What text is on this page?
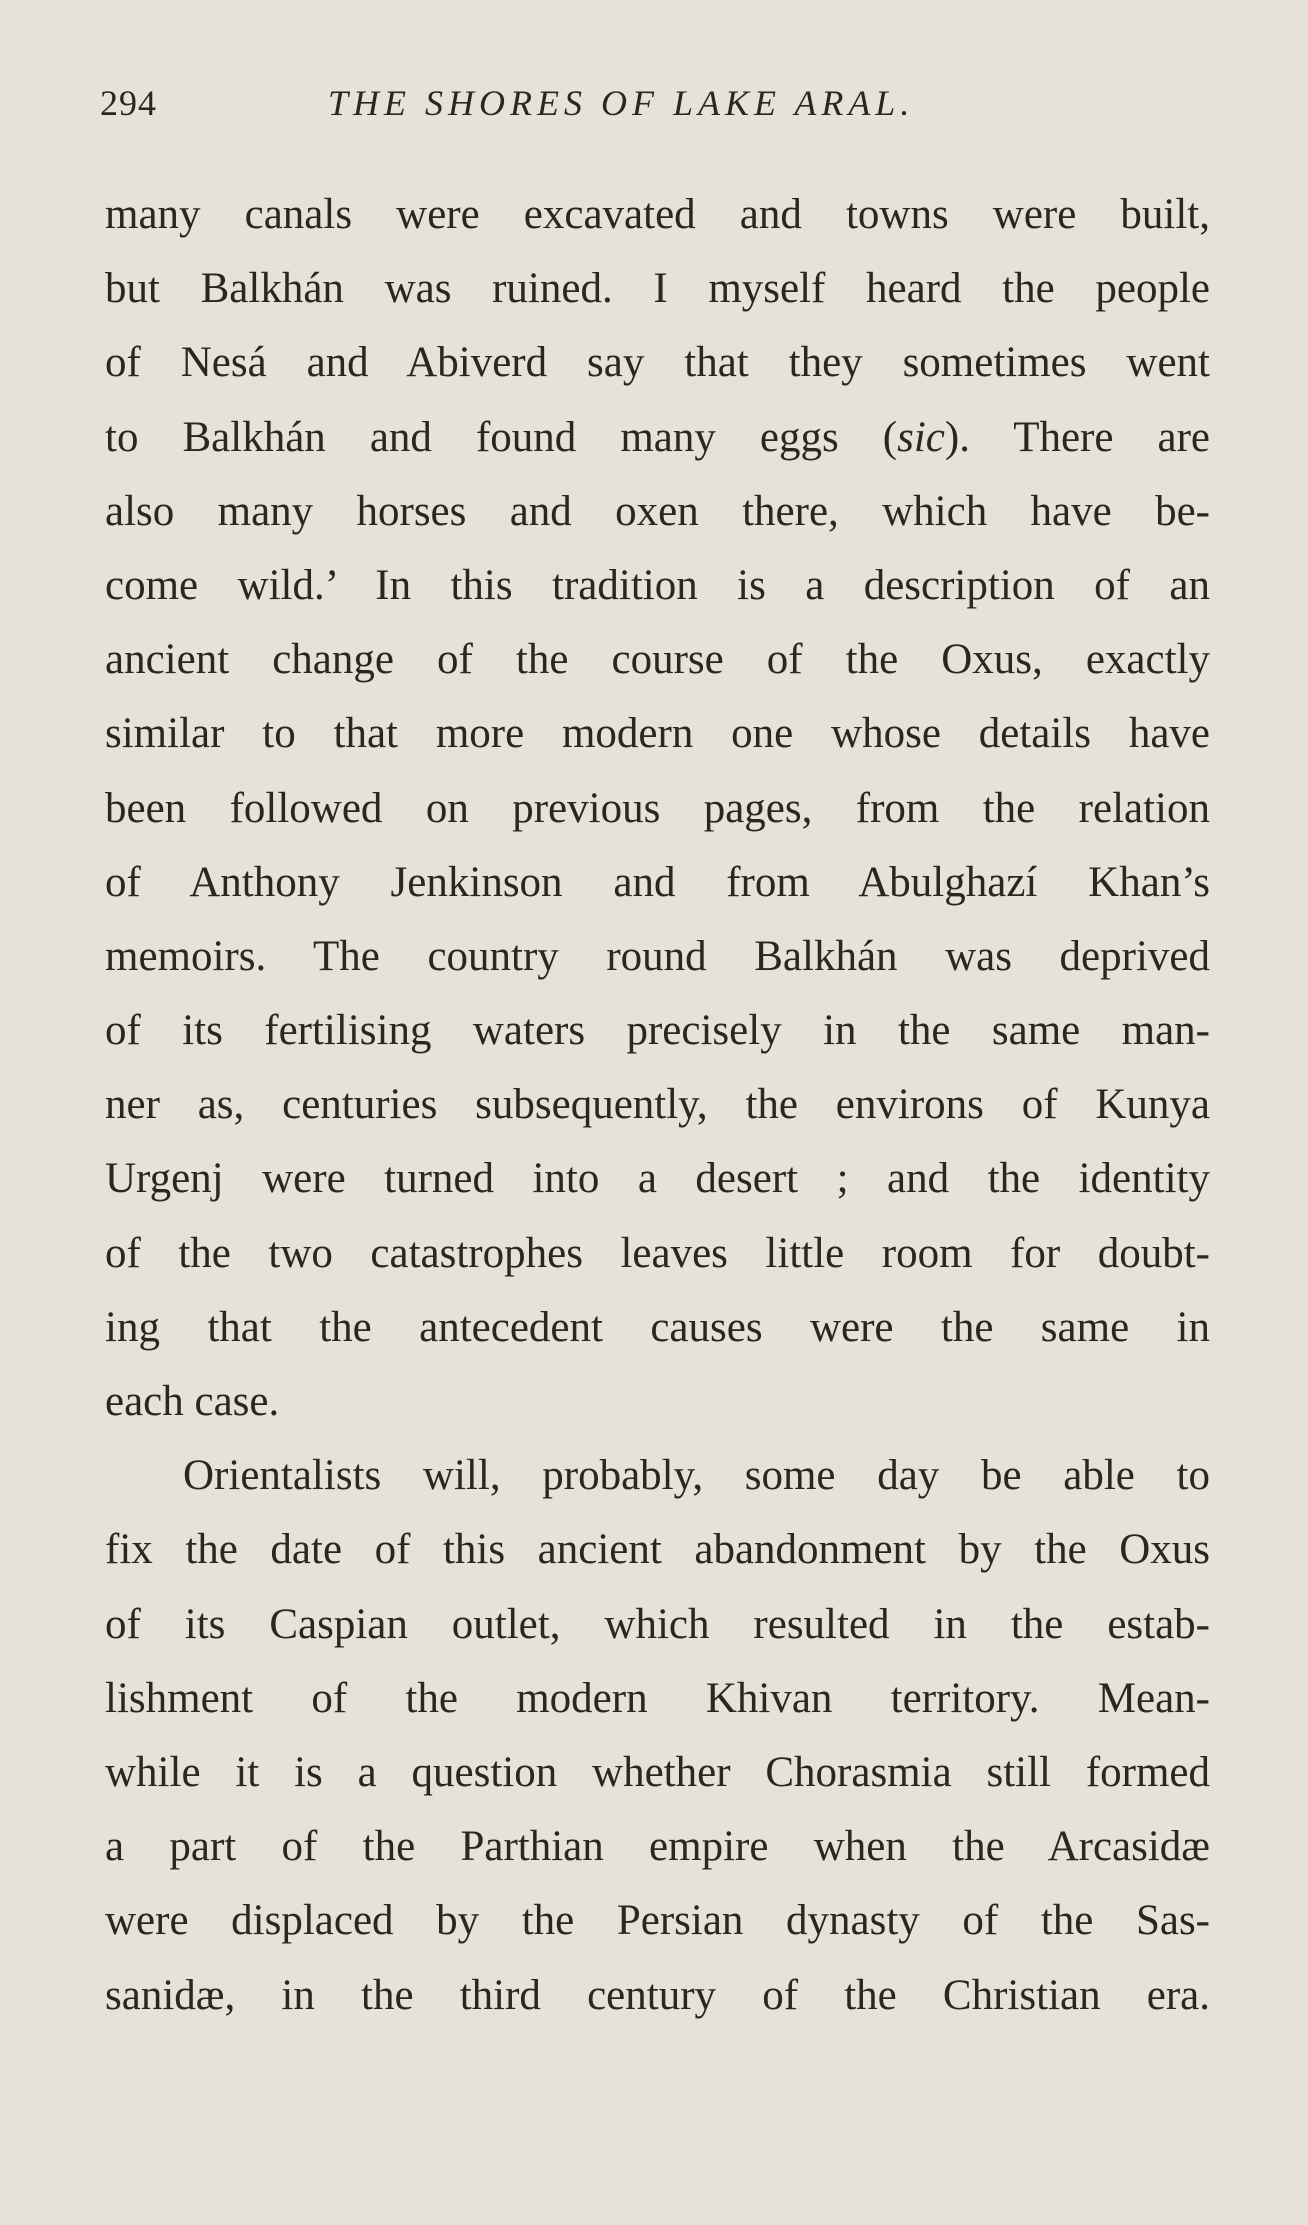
294	THE SHORES OF LAKE ARAL.
many canals were excavated and towns were built,
but Balkhán was ruined. I myself heard the people
of Nesá and Abiverd say that they sometimes went
to Balkhán and found many eggs (sic). There are
also many horses and oxen there, which have be-
come wild.’ In this tradition is a description of an
ancient change of the course of the Oxus, exactly
similar to that more modern one whose details have
been followed on previous pages, from the relation
of Anthony Jenkinson and from Abulghazí Khan’s
memoirs. The country round Balkhán was deprived
of its fertilising waters precisely in the same man-
ner as, centuries subsequently, the environs of Kunya
Urgenj were turned into a desert ; and the identity
of the two catastrophes leaves little room for doubt-
ing that the antecedent causes were the same in
each case.
Orientalists will, probably, some day be able to
fix the date of this ancient abandonment by the Oxus
of its Caspian outlet, which resulted in the estab-
lishment of the modern Khivan territory. Mean-
while it is a question whether Chorasmia still formed
a part of the Parthian empire when the Arcasidæ
were displaced by the Persian dynasty of the Sas-
sanidæ, in the third century of the Christian era.
